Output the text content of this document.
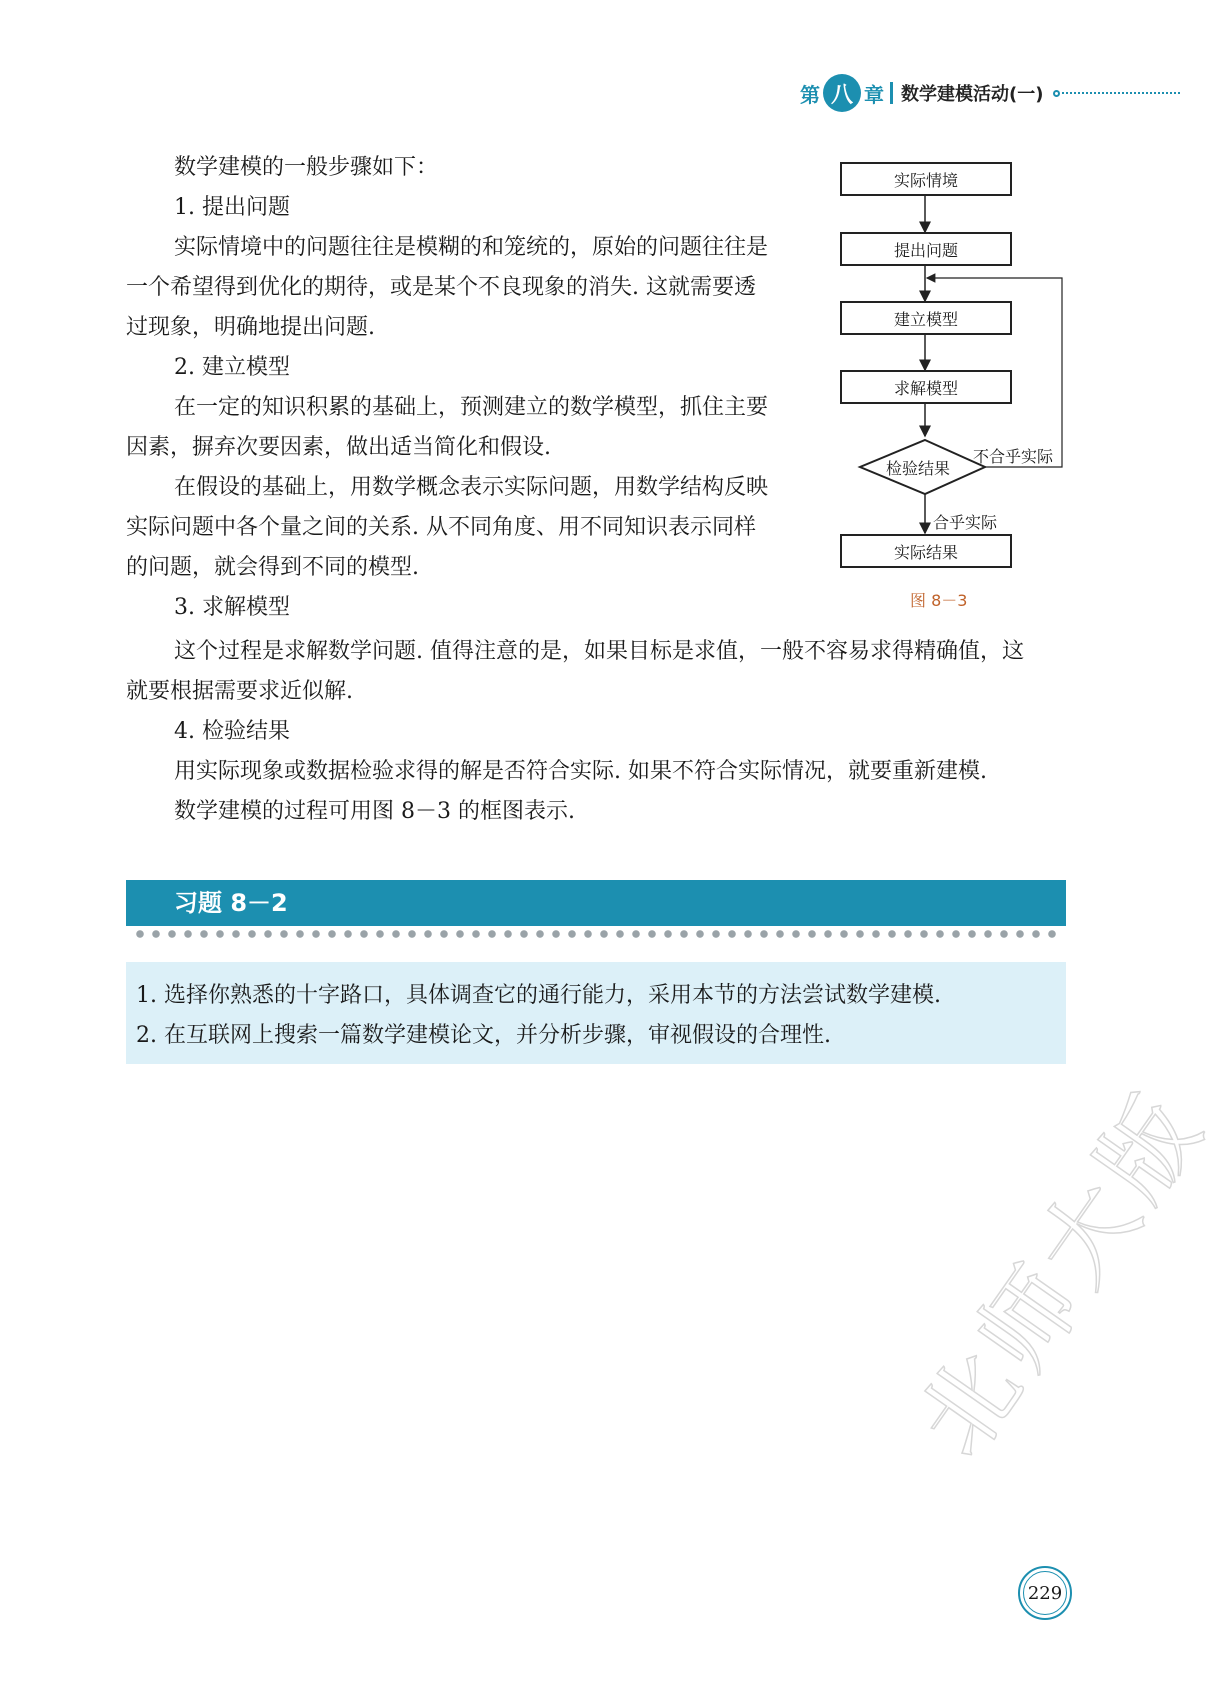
第 八 章 数学建模活动(一)
数学建模的一般步骤如下：
1. 提出问题
实际情境中的问题往往是模糊的和笼统的，原始的问题往往是
一个希望得到优化的期待，或是某个不良现象的消失. 这就需要透
过现象，明确地提出问题.
2. 建立模型
在一定的知识积累的基础上，预测建立的数学模型，抓住主要
因素，摒弃次要因素，做出适当简化和假设.
在假设的基础上，用数学概念表示实际问题，用数学结构反映
实际问题中各个量之间的关系. 从不同角度、用不同知识表示同样
的问题，就会得到不同的模型.
3. 求解模型
这个过程是求解数学问题. 值得注意的是，如果目标是求值，一般不容易求得精确值，这
就要根据需要求近似解.
4. 检验结果
用实际现象或数据检验求得的解是否符合实际. 如果不符合实际情况，就要重新建模.
数学建模的过程可用图 8－3 的框图表示.
实际情境
提出问题
建立模型
求解模型
检验结果
不合乎实际
合乎实际
实际结果
图 8－3
习题 8－2
1. 选择你熟悉的十字路口，具体调查它的通行能力，采用本节的方法尝试数学建模.
2. 在互联网上搜索一篇数学建模论文，并分析步骤，审视假设的合理性.
北师大版
229
